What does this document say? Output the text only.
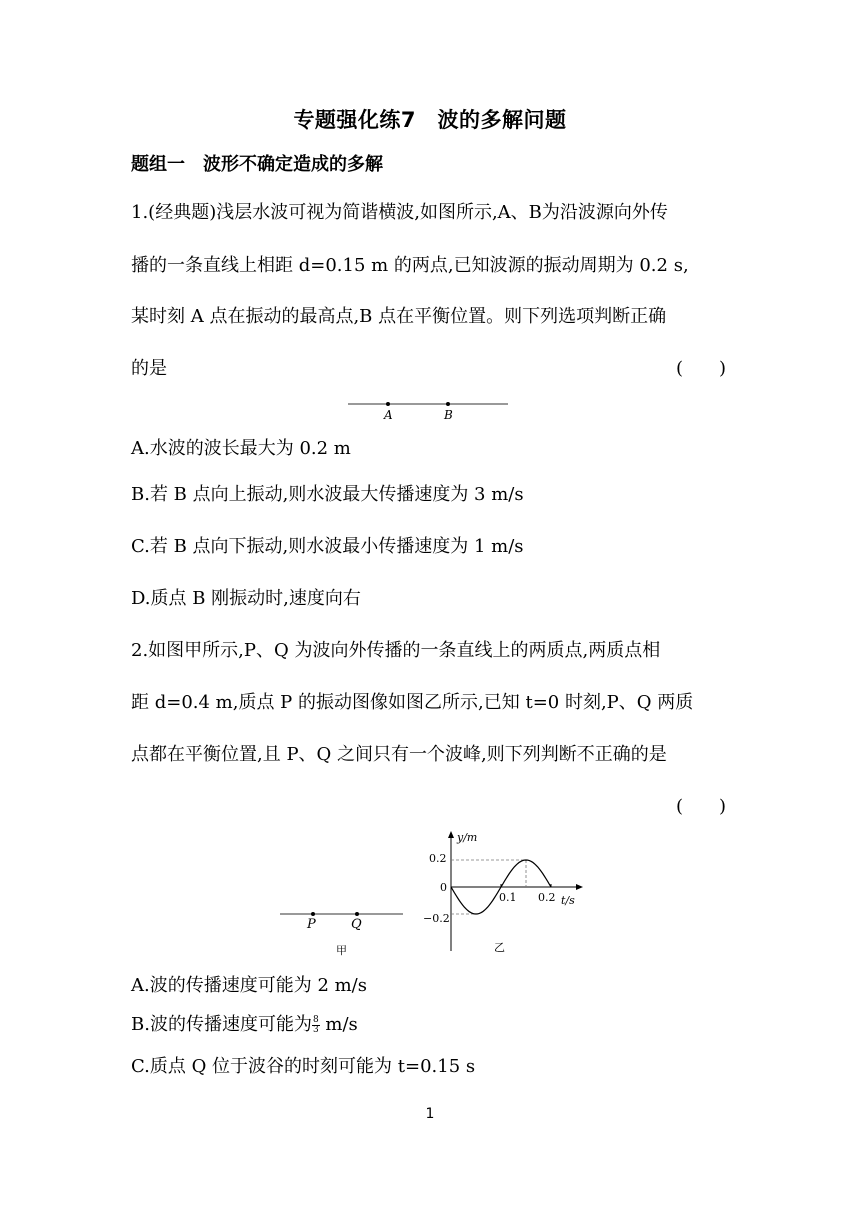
专题强化练7　波的多解问题
题组一　波形不确定造成的多解
1.(经典题)浅层水波可视为简谐横波,如图所示,A、B为沿波源向外传
播的一条直线上相距 d=0.15 m 的两点,已知波源的振动周期为 0.2 s,
某时刻 A 点在振动的最高点,B 点在平衡位置。则下列选项判断正确
的是	(　　)
A	B
A.水波的波长最大为 0.2 m
B.若 B 点向上振动,则水波最大传播速度为 3 m/s
C.若 B 点向下振动,则水波最小传播速度为 1 m/s
D.质点 B 刚振动时,速度向右
2.如图甲所示,P、Q 为波向外传播的一条直线上的两质点,两质点相
距 d=0.4 m,质点 P 的振动图像如图乙所示,已知 t=0 时刻,P、Q 两质
点都在平衡位置,且 P、Q 之间只有一个波峰,则下列判断不正确的是
(　　)
P	Q
甲
y/m
t/s
0.2
0
−0.2
0.1 0.2
乙
A.波的传播速度可能为 2 m/s
B.波的传播速度可能为 $\frac{8}{3} m/s$
C.质点 Q 位于波谷的时刻可能为 t=0.15 s
1
